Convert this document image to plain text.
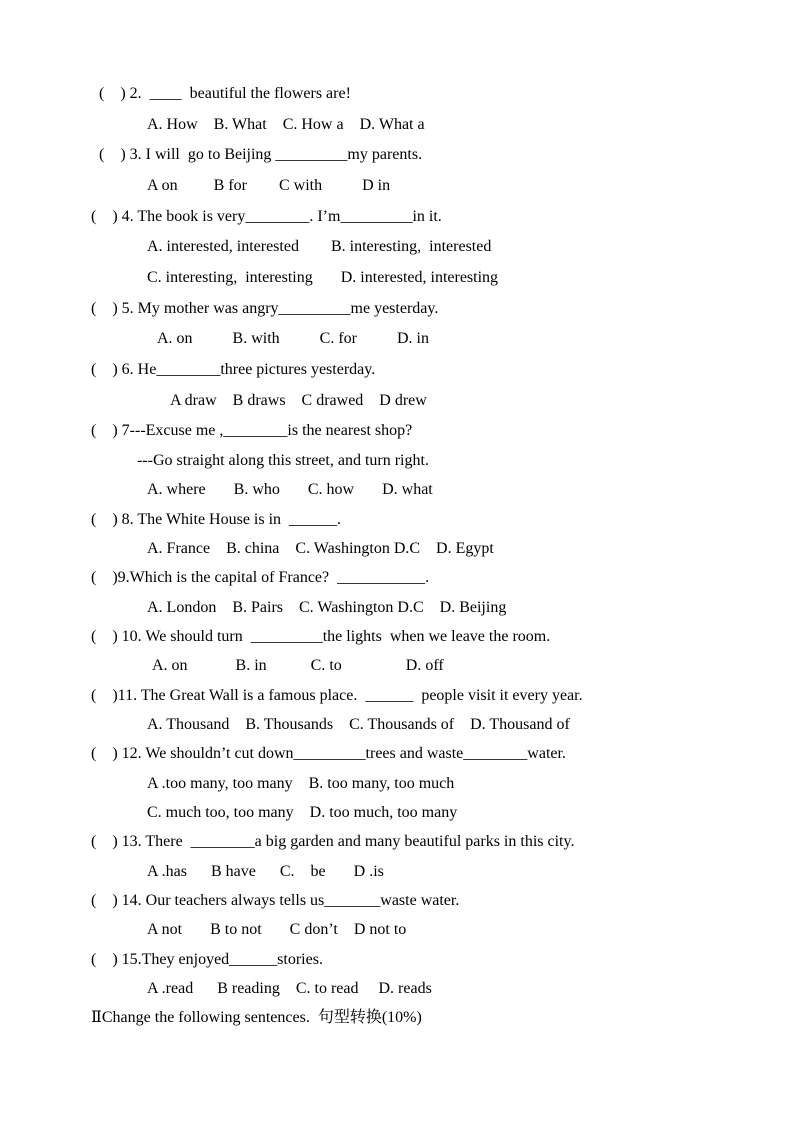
(    ) 2.  ____  beautiful the flowers are!

A. How    B. What    C. How a    D. What a

(    ) 3. I will  go to Beijing _________my parents.

A on         B for        C with          D in

(    ) 4. The book is very________. I’m_________in it.

A. interested, interested        B. interesting,  interested

C. interesting,  interesting       D. interested, interesting

(    ) 5. My mother was angry_________me yesterday.

A. on          B. with          C. for          D. in

(    ) 6. He________three pictures yesterday.

A draw    B draws    C drawed    D drew

(    ) 7---Excuse me ,________is the nearest shop?

---Go straight along this street, and turn right.

A. where       B. who       C. how       D. what

(    ) 8. The White House is in  ______.

A. France    B. china    C. Washington D.C    D. Egypt

(    )9.Which is the capital of France?  ___________.

A. London    B. Pairs    C. Washington D.C    D. Beijing

(    ) 10. We should turn  _________the lights  when we leave the room.

A. on            B. in           C. to                D. off

(    )11. The Great Wall is a famous place.  ______  people visit it every year.

A. Thousand    B. Thousands    C. Thousands of    D. Thousand of

(    ) 12. We shouldn’t cut down_________trees and waste________water.

A .too many, too many    B. too many, too much

C. much too, too many    D. too much, too many

(    ) 13. There  ________a big garden and many beautiful parks in this city.

A .has      B have      C.    be       D .is

(    ) 14. Our teachers always tells us_______waste water.

A not       B to not       C don’t    D not to

(    ) 15.They enjoyed______stories.

A .read      B reading    C. to read     D. reads

ⅡChange the following sentences.  句型转换(10%)
